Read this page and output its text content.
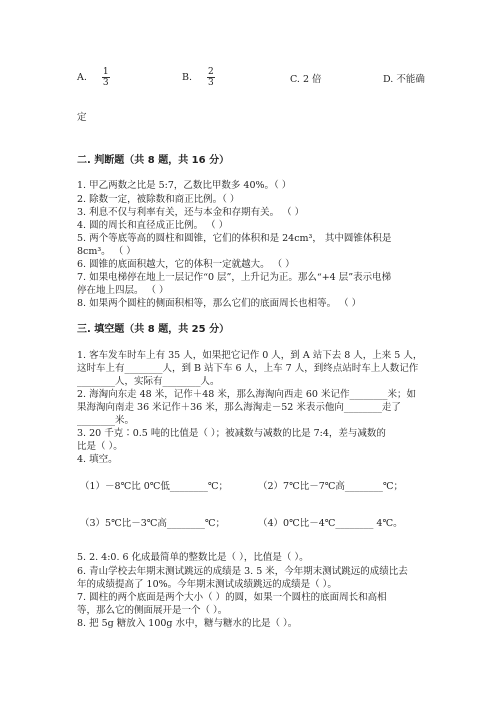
A. $\frac{1}{3}$	B. $\frac{2}{3}$	C. 2 倍	D. 不能确
定
二. 判断题（共 8 题，共 16 分）
1. 甲乙两数之比是 5:7，乙数比甲数多 40%。（ ）
2. 除数一定，被除数和商正比例。（ ）
3. 利息不仅与利率有关，还与本金和存期有关。 （ ）
4. 圆的周长和直径成正比例。 （ ）
5. 两个等底等高的圆柱和圆锥，它们的体积和是 24cm³， 其中圆锥体积是
8cm³。 （ ）
6. 圆锥的底面积越大，它的体积一定就越大。 （ ）
7. 如果电梯停在地上一层记作“0 层”，上升记为正。那么“+4 层”表示电梯
停在地上四层。 （ ）
8. 如果两个圆柱的侧面积相等，那么它们的底面周长也相等。 （ ）
三. 填空题（共 8 题，共 25 分）
1. 客车发车时车上有 35 人，如果把它记作 0 人，到 A 站下去 8 人，上来 5 人，
这时车上有________人，到 B 站下车 6 人，上车 7 人，到终点站时车上人数记作
________人，实际有________人。
2. 海淘向东走 48 米，记作＋48 米，那么海淘向西走 60 米记作________米；如
果海淘向南走 36 米记作＋36 米，那么海淘走－52 米表示他向________走了
________米。
3. 20 千克∶0.5 吨的比值是（ ）；被减数与减数的比是 7:4，差与减数的
比是（ ）。
4. 填空。
（1）－8℃比 0℃低________℃；	（2）7℃比－7℃高________℃；
（3）5℃比－3℃高________℃；	（4）0℃比－4℃________ 4℃。
5. 2. 4:0. 6 化成最简单的整数比是（ ），比值是（ ）。
6. 青山学校去年期末测试跳远的成绩是 3. 5 米，今年期末测试跳远的成绩比去
年的成绩提高了 10%。今年期末测试成绩跳远的成绩是（ ）。
7. 圆柱的两个底面是两个大小（ ）的圆，如果一个圆柱的底面周长和高相
等，那么它的侧面展开是一个（ ）。
8. 把 5g 糖放入 100g 水中，糖与糖水的比是（ ）。
